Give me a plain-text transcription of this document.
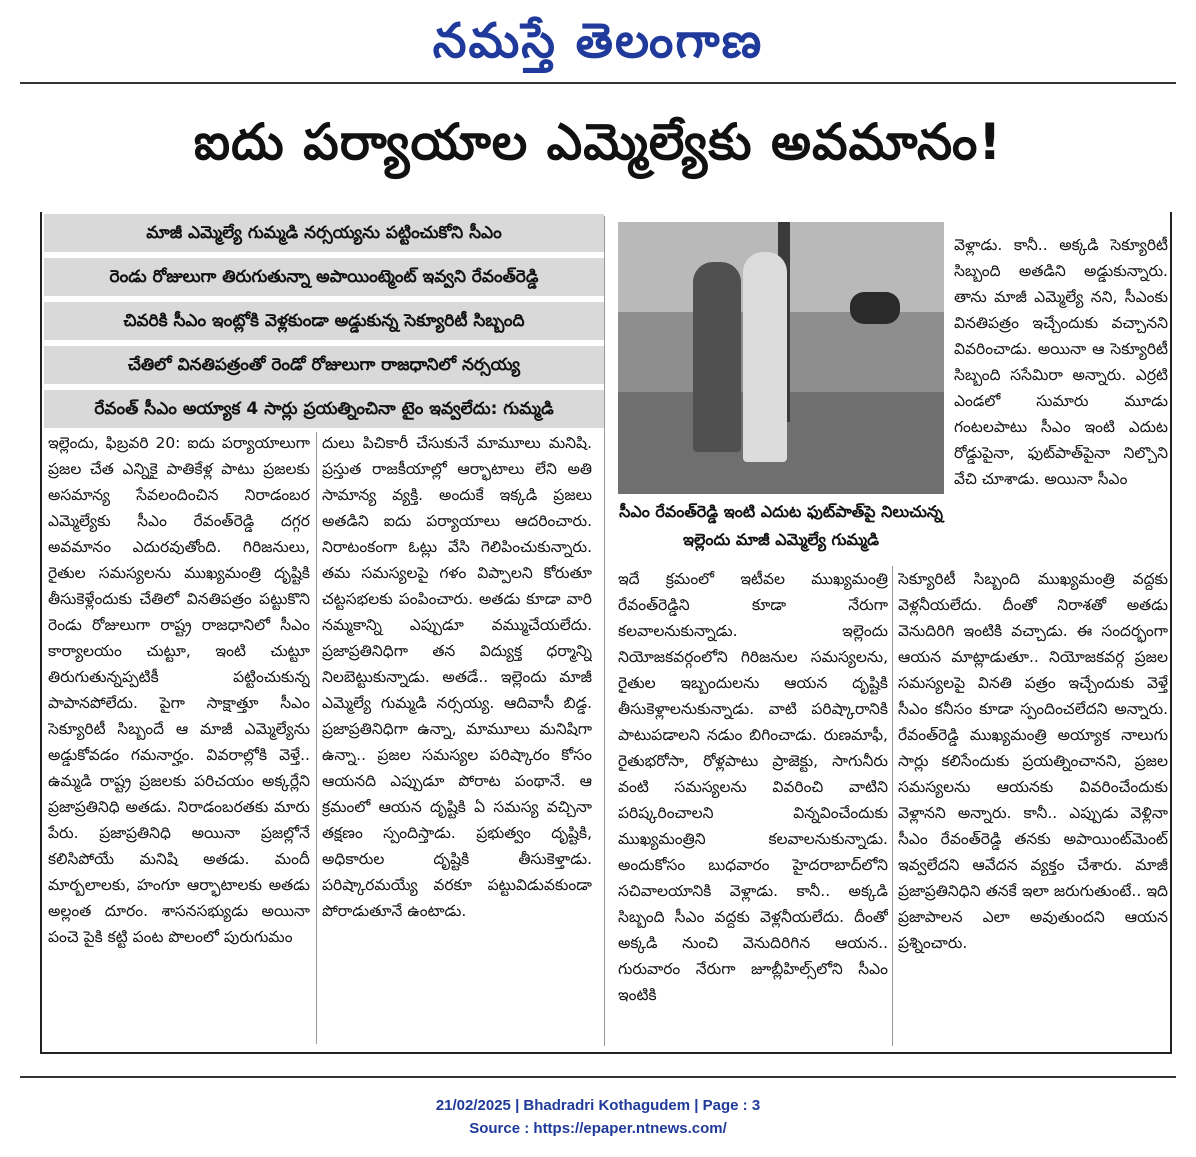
నమస్తే తెలంగాణ
ఐదు పర్యాయాల ఎమ్మెల్యేకు అవమానం!
మాజీ ఎమ్మెల్యే గుమ్మడి నర్సయ్యను పట్టించుకోని సీఎం
రెండు రోజులుగా తిరుగుతున్నా అపాయింట్మెంట్ ఇవ్వని రేవంత్‌రెడ్డి
చివరికి సీఎం ఇంట్లోకి వెళ్లకుండా అడ్డుకున్న సెక్యూరిటీ సిబ్బంది
చేతిలో వినతిపత్రంతో రెండో రోజులుగా రాజధానిలో నర్సయ్య
రేవంత్ సీఎం అయ్యాక 4 సార్లు ప్రయత్నించినా టైం ఇవ్వలేదు: గుమ్మడి
సీఎం రేవంత్‌రెడ్డి ఇంటి ఎదుట ఫుట్‌పాత్‌పై నిలుచున్న ఇల్లెందు మాజీ ఎమ్మెల్యే గుమ్మడి

ఇల్లెందు, ఫిబ్రవరి 20: ఐదు పర్యాయాలుగా ప్రజల చేత ఎన్నికై పాతికేళ్ల పాటు ప్రజలకు అసమాన్య సేవలందించిన నిరాడంబర ఎమ్మెల్యేకు సీఎం రేవంత్‌రెడ్డి దగ్గర అవమానం ఎదురవుతోంది. గిరిజనులు, రైతుల సమస్యలను ముఖ్యమంత్రి దృష్టికి తీసుకెళ్లేందుకు చేతిలో వినతిపత్రం పట్టుకొని రెండు రోజులుగా రాష్ట్ర రాజధానిలో సీఎం కార్యాలయం చుట్టూ, ఇంటి చుట్టూ తిరుగుతున్నప్పటికీ పట్టించుకున్న పాపానపోలేదు. పైగా సాక్షాత్తూ సీఎం సెక్యూరిటీ సిబ్బందే ఆ మాజీ ఎమ్మెల్యేను అడ్డుకోవడం గమనార్హం. వివరాల్లోకి వెళ్తే.. ఉమ్మడి రాష్ట్ర ప్రజలకు పరిచయం అక్కర్లేని ప్రజాప్రతినిధి అతడు. నిరాడంబరతకు మారు పేరు. ప్రజాప్రతినిధి అయినా ప్రజల్లోనే కలిసిపోయే మనిషి అతడు. మందీ మార్బలాలకు, హంగూ ఆర్భాటాలకు అతడు అల్లంత దూరం. శాసనసభ్యుడు అయినా పంచె పైకి కట్టి పంట పొలంలో పురుగుమం

దులు పిచికారీ చేసుకునే మామూలు మనిషి. ప్రస్తుత రాజకీయాల్లో ఆర్భాటాలు లేని అతి సామాన్య వ్యక్తి. అందుకే ఇక్కడి ప్రజలు అతడిని ఐదు పర్యాయాలు ఆదరించారు. నిరాటంకంగా ఓట్లు వేసి గెలిపించుకున్నారు. తమ సమస్యలపై గళం విప్పాలని కోరుతూ చట్టసభలకు పంపించారు. అతడు కూడా వారి నమ్మకాన్ని ఎప్పుడూ వమ్ముచేయలేదు. ప్రజాప్రతినిధిగా తన విద్యుక్త ధర్మాన్ని నిలబెట్టుకున్నాడు. అతడే.. ఇల్లెందు మాజీ ఎమ్మెల్యే గుమ్మడి నర్సయ్య. ఆదివాసీ బిడ్డ. ప్రజాప్రతినిధిగా ఉన్నా, మామూలు మనిషిగా ఉన్నా.. ప్రజల సమస్యల పరిష్కారం కోసం ఆయనది ఎప్పుడూ పోరాట పంథానే. ఆ క్రమంలో ఆయన దృష్టికి ఏ సమస్య వచ్చినా తక్షణం స్పందిస్తాడు. ప్రభుత్వం దృష్టికి, అధికారుల దృష్టికి తీసుకెళ్తాడు. పరిష్కారమయ్యే వరకూ పట్టువిడువకుండా పోరాడుతూనే ఉంటాడు.

ఇదే క్రమంలో ఇటీవల ముఖ్యమంత్రి రేవంత్‌రెడ్డిని కూడా నేరుగా కలవాలనుకున్నాడు. ఇల్లెందు నియోజకవర్గంలోని గిరిజనుల సమస్యలను, రైతుల ఇబ్బందులను ఆయన దృష్టికి తీసుకెళ్లాలనుకున్నాడు. వాటి పరిష్కారానికి పాటుపడాలని నడుం బిగించాడు. రుణమాఫీ, రైతుభరోసా, రోళ్లపాటు ప్రాజెక్టు, సాగునీరు వంటి సమస్యలను వివరించి వాటిని పరిష్కరించాలని విన్నవించేందుకు ముఖ్యమంత్రిని కలవాలనుకున్నాడు. అందుకోసం బుధవారం హైదరాబాద్‌లోని సచివాలయానికి వెళ్లాడు. కానీ.. అక్కడి సిబ్బంది సీఎం వద్దకు వెళ్లనీయలేదు. దీంతో అక్కడి నుంచి వెనుదిరిగిన ఆయన.. గురువారం నేరుగా జూబ్లీహిల్స్‌లోని సీఎం ఇంటికి

వెళ్లాడు. కానీ.. అక్కడి సెక్యూరిటీ సిబ్బంది అతడిని అడ్డుకున్నారు. తాను మాజీ ఎమ్మెల్యే నని, సీఎంకు వినతిపత్రం ఇచ్చేందుకు వచ్చానని వివరించాడు. అయినా ఆ సెక్యూరిటీ సిబ్బంది ససేమిరా అన్నారు. ఎర్రటి ఎండలో సుమారు మూడు గంటలపాటు సీఎం ఇంటి ఎదుట రోడ్డుపైనా, ఫుట్‌పాత్‌పైనా నిల్చొని వేచి చూశాడు. అయినా సీఎం

సెక్యూరిటీ సిబ్బంది ముఖ్యమంత్రి వద్దకు వెళ్లనీయలేదు. దీంతో నిరాశతో అతడు వెనుదిరిగి ఇంటికి వచ్చాడు. ఈ సందర్భంగా ఆయన మాట్లాడుతూ.. నియోజకవర్గ ప్రజల సమస్యలపై వినతి పత్రం ఇచ్చేందుకు వెళ్తే సీఎం కనీసం కూడా స్పందించలేదని అన్నారు. రేవంత్‌రెడ్డి ముఖ్యమంత్రి అయ్యాక నాలుగు సార్లు కలిసేందుకు ప్రయత్నించానని, ప్రజల సమస్యలను ఆయనకు వివరించేందుకు వెళ్లానని అన్నారు. కానీ.. ఎప్పుడు వెళ్లినా సీఎం రేవంత్‌రెడ్డి తనకు అపాయింట్‌మెంట్ ఇవ్వలేదని ఆవేదన వ్యక్తం చేశారు. మాజీ ప్రజాప్రతినిధిని తనకే ఇలా జరుగుతుంటే.. ఇది ప్రజాపాలన ఎలా అవుతుందని ఆయన ప్రశ్నించారు.

21/02/2025 | Bhadradri Kothagudem | Page : 3
Source : https://epaper.ntnews.com/
